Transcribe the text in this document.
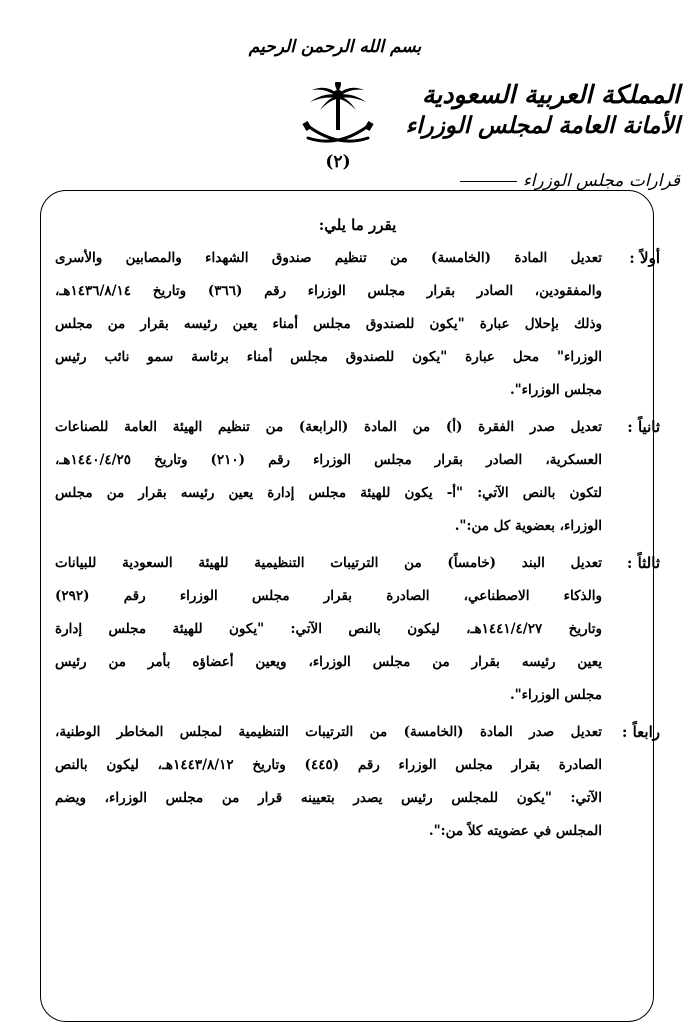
بسم الله الرحمن الرحيم
(٢)
المملكة العربية السعودية
الأمانة العامة لمجلس الوزراء
قرارات مجلس الوزراء
يقرر ما يلي:
أولاً :
تعديل المادة (الخامسة) من تنظيم صندوق الشهداء والمصابين والأسرى
والمفقودين، الصادر بقرار مجلس الوزراء رقم (٣٦٦) وتاريخ ١٤٣٦/٨/١٤هـ،
وذلك بإحلال عبارة "يكون للصندوق مجلس أمناء يعين رئيسه بقرار من مجلس
الوزراء" محل عبارة "يكون للصندوق مجلس أمناء برئاسة سمو نائب رئيس
مجلس الوزراء".
ثانياً :
تعديل صدر الفقرة (أ) من المادة (الرابعة) من تنظيم الهيئة العامة للصناعات
العسكرية، الصادر بقرار مجلس الوزراء رقم (٢١٠) وتاريخ ١٤٤٠/٤/٢٥هـ،
لتكون بالنص الآتي: "أ- يكون للهيئة مجلس إدارة يعين رئيسه بقرار من مجلس
الوزراء، بعضوية كل من:".
ثالثاً :
تعديل البند (خامساً) من الترتيبات التنظيمية للهيئة السعودية للبيانات
والذكاء الاصطناعي، الصادرة بقرار مجلس الوزراء رقم (٢٩٢)
وتاريخ ١٤٤١/٤/٢٧هـ، ليكون بالنص الآتي: "يكون للهيئة مجلس إدارة
يعين رئيسه بقرار من مجلس الوزراء، ويعين أعضاؤه بأمر من رئيس
مجلس الوزراء".
رابعاً :
تعديل صدر المادة (الخامسة) من الترتيبات التنظيمية لمجلس المخاطر الوطنية،
الصادرة بقرار مجلس الوزراء رقم (٤٤٥) وتاريخ ١٤٤٣/٨/١٢هـ، ليكون بالنص
الآتي: "يكون للمجلس رئيس يصدر بتعيينه قرار من مجلس الوزراء، ويضم
المجلس في عضويته كلاً من:".
